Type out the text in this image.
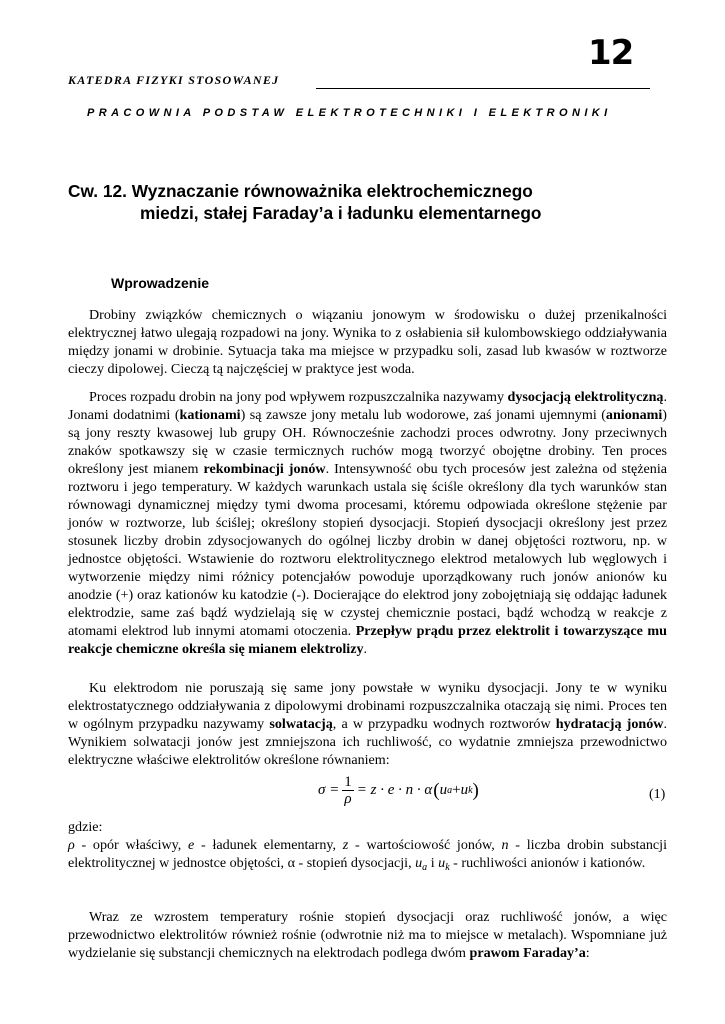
12
KATEDRA FIZYKI STOSOWANEJ
PRACOWNIA PODSTAW ELEKTROTECHNIKI I ELEKTRONIKI
Cw. 12. Wyznaczanie równoważnika elektrochemicznego
miedzi, stałej Faraday’a i ładunku elementarnego
Wprowadzenie
Drobiny związków chemicznych o wiązaniu jonowym w środowisku o dużej przenikalności elektrycznej łatwo ulegają rozpadowi na jony. Wynika to z osłabienia sił kulombowskiego oddziaływania między jonami w drobinie. Sytuacja taka ma miejsce w przypadku soli, zasad lub kwasów w roztworze cieczy dipolowej. Cieczą tą najczęściej w praktyce jest woda.
Proces rozpadu drobin na jony pod wpływem rozpuszczalnika nazywamy dysocjacją elektrolityczną. Jonami dodatnimi (kationami) są zawsze jony metalu lub wodorowe, zaś jonami ujemnymi (anionami) są jony reszty kwasowej lub grupy OH. Równocześnie zachodzi proces odwrotny. Jony przeciwnych znaków spotkawszy się w czasie termicznych ruchów mogą tworzyć obojętne drobiny. Ten proces określony jest mianem rekombinacji jonów. Intensywność obu tych procesów jest zależna od stężenia roztworu i jego temperatury. W każdych warunkach ustala się ściśle określony dla tych warunków stan równowagi dynamicznej między tymi dwoma procesami, któremu odpowiada określone stężenie par jonów w roztworze, lub ściślej; określony stopień dysocjacji. Stopień dysocjacji określony jest przez stosunek liczby drobin zdysocjowanych do ogólnej liczby drobin w danej objętości roztworu, np. w jednostce objętości. Wstawienie do roztworu elektrolitycznego elektrod metalowych lub węglowych i wytworzenie między nimi różnicy potencjałów powoduje uporządkowany ruch jonów anionów ku anodzie (+) oraz kationów ku katodzie (-). Docierające do elektrod jony zobojętniają się oddając ładunek elektrodzie, same zaś bądź wydzielają się w czystej chemicznie postaci, bądź wchodzą w reakcje z atomami elektrod lub innymi atomami otoczenia. Przepływ prądu przez elektrolit i towarzyszące mu reakcje chemiczne określa się mianem elektrolizy.
Ku elektrodom nie poruszają się same jony powstałe w wyniku dysocjacji. Jony te w wyniku elektrostatycznego oddziaływania z dipolowymi drobinami rozpuszczalnika otaczają się nimi. Proces ten w ogólnym przypadku nazywamy solwatacją, a w przypadku wodnych roztworów hydratacją jonów. Wynikiem solwatacji jonów jest zmniejszona ich ruchliwość, co wydatnie zmniejsza przewodnictwo elektryczne właściwe elektrolitów określone równaniem:
$\sigma = \frac{1}{\rho} = z \cdot e \cdot n \cdot \alpha$ ( u a + u k )	(1)
gdzie:
ρ - opór właściwy, e - ładunek elementarny, z - wartościowość jonów, n - liczba drobin substancji elektrolitycznej w jednostce objętości, α - stopień dysocjacji, $u_a$ i $u_k$ - ruchliwości anionów i kationów.
Wraz ze wzrostem temperatury rośnie stopień dysocjacji oraz ruchliwość jonów, a więc przewodnictwo elektrolitów również rośnie (odwrotnie niż ma to miejsce w metalach). Wspomniane już wydzielanie się substancji chemicznych na elektrodach podlega dwóm prawom Faraday’a:
